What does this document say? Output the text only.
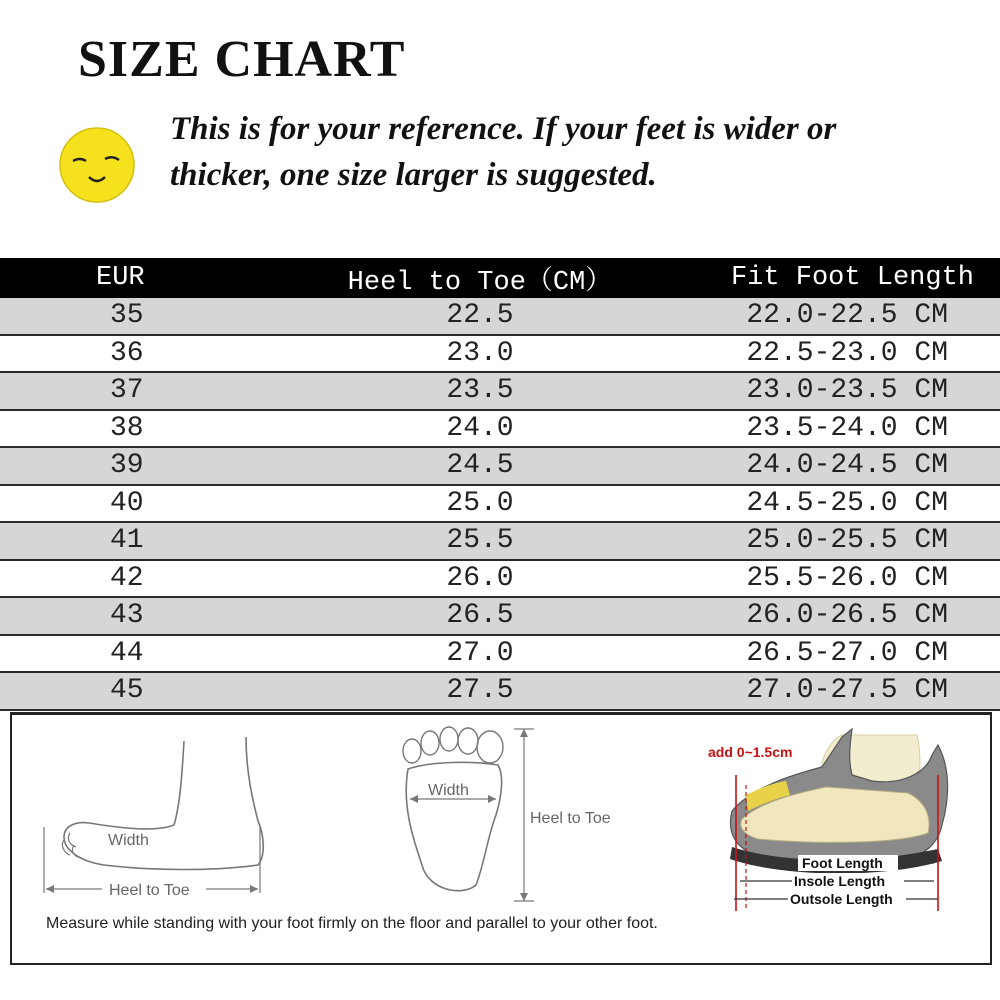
SIZE CHART
This is for your reference. If your feet is wider or
thicker, one size larger is suggested.
EUR	Heel to Toe（CM）	Fit Foot Length
35	22.5	22.0-22.5 CM
36	23.0	22.5-23.0 CM
37	23.5	23.0-23.5 CM
38	24.0	23.5-24.0 CM
39	24.5	24.0-24.5 CM
40	25.0	24.5-25.0 CM
41	25.5	25.0-25.5 CM
42	26.0	25.5-26.0 CM
43	26.5	26.0-26.5 CM
44	27.0	26.5-27.0 CM
45	27.5	27.0-27.5 CM
Width
Heel to Toe
Width
Heel to Toe
add 0~1.5cm
Foot Length
Insole Length
Outsole Length
Measure while standing with your foot firmly on the floor and parallel to your other foot.
